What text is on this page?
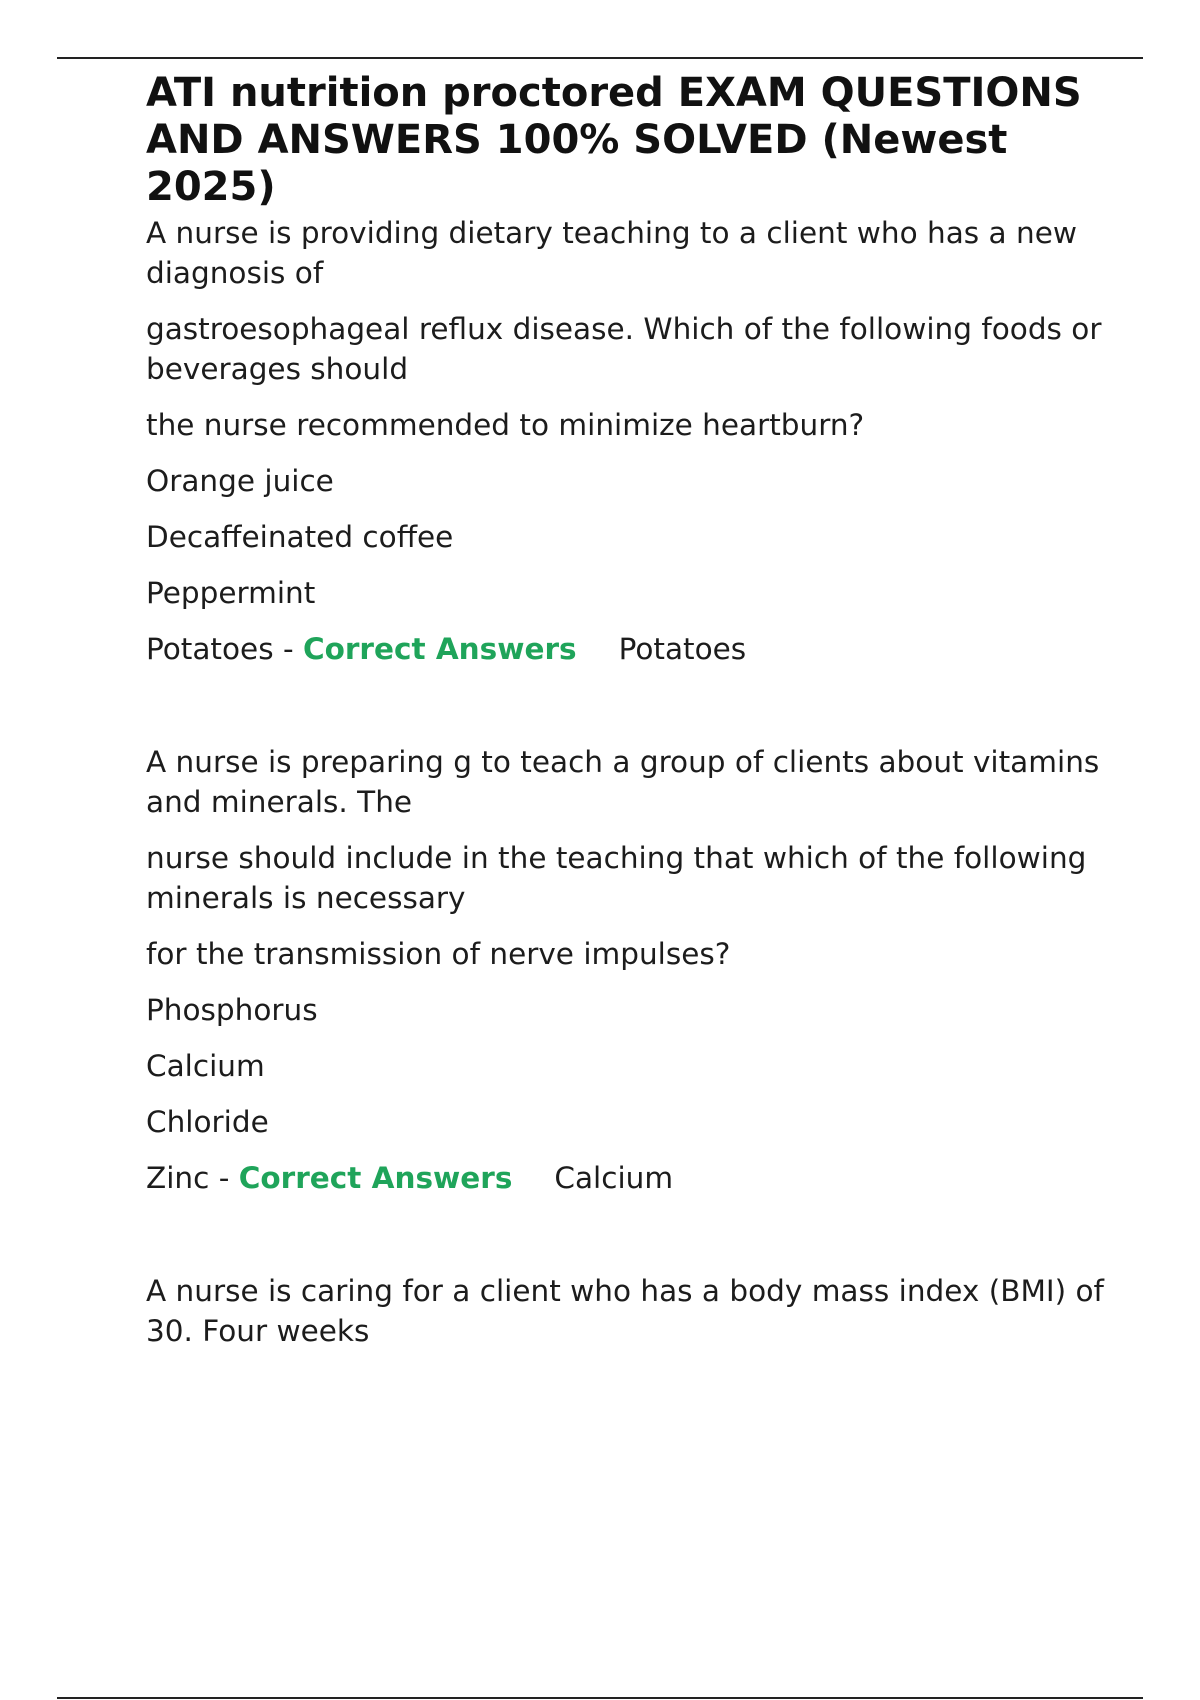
ATI nutrition proctored EXAM QUESTIONS AND ANSWERS 100% SOLVED (Newest 2025)

A nurse is providing dietary teaching to a client who has a new diagnosis of

gastroesophageal reflux disease. Which of the following foods or beverages should

the nurse recommended to minimize heartburn?

Orange juice

Decaffeinated coffee

Peppermint

Potatoes - Correct Answers Potatoes

A nurse is preparing g to teach a group of clients about vitamins and minerals. The

nurse should include in the teaching that which of the following minerals is necessary

for the transmission of nerve impulses?

Phosphorus

Calcium

Chloride

Zinc - Correct Answers Calcium

A nurse is caring for a client who has a body mass index (BMI) of 30. Four weeks
